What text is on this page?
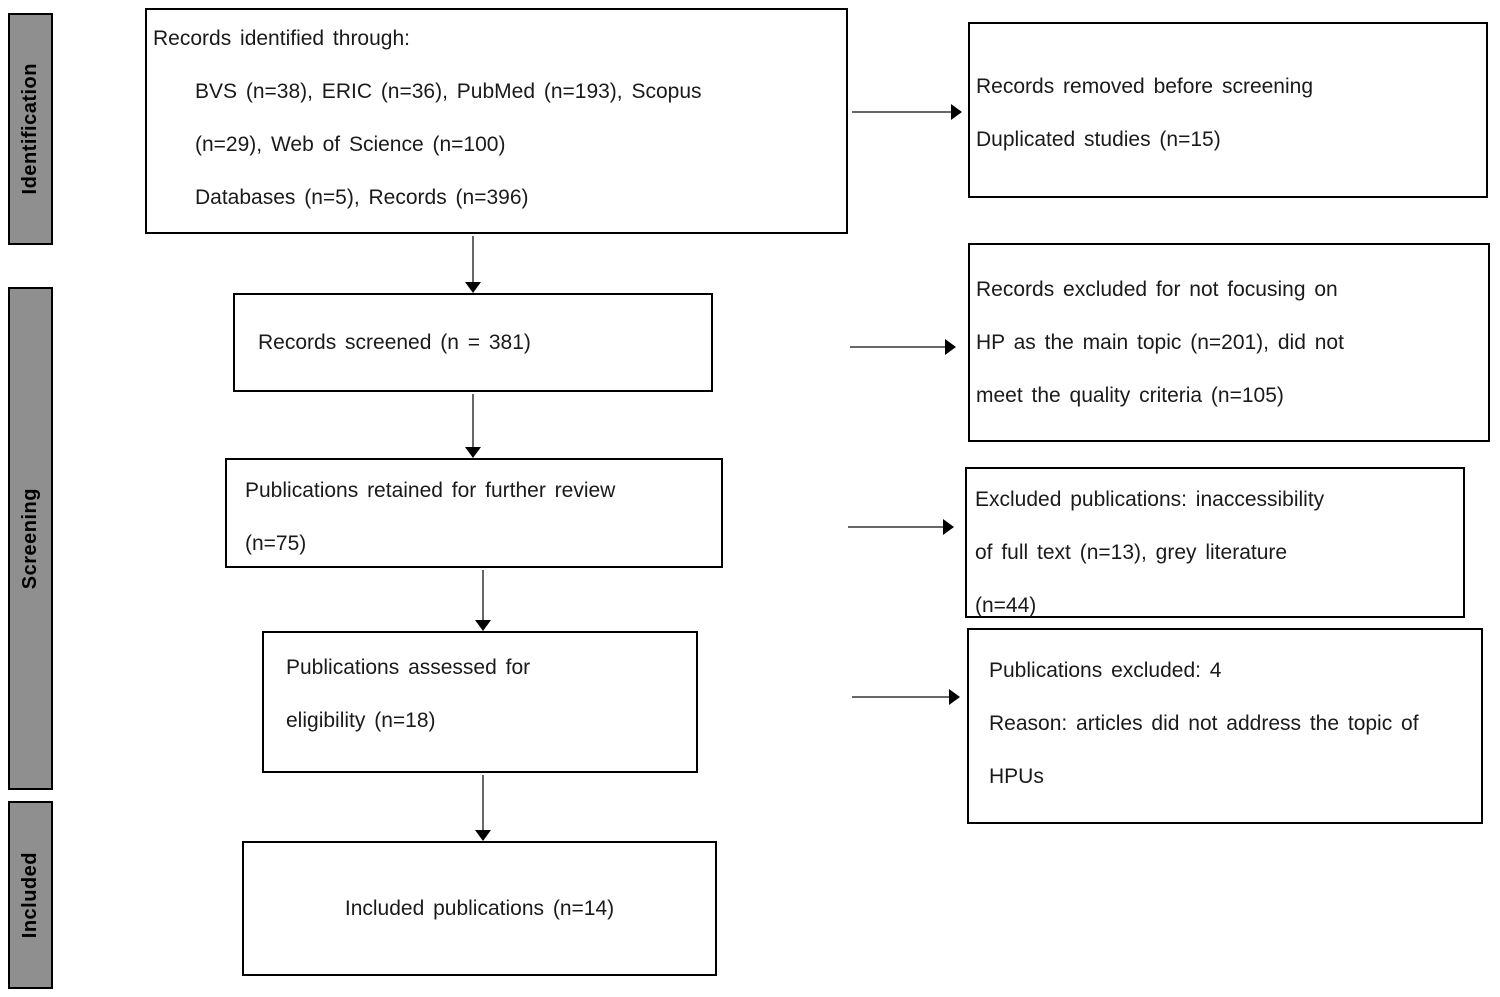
Identification
Screening
Included
Records identified through:
BVS (n=38), ERIC (n=36), PubMed (n=193), Scopus
(n=29), Web of Science (n=100)
Databases (n=5), Records (n=396)
Records screened (n = 381)
Publications retained for further review
(n=75)
Publications assessed for
eligibility (n=18)
Included publications (n=14)
Records removed before screening
Duplicated studies (n=15)
Records excluded for not focusing on
HP as the main topic (n=201), did not
meet the quality criteria (n=105)
Excluded publications: inaccessibility
of full text (n=13), grey literature
(n=44)
Publications excluded: 4
Reason: articles did not address the topic of
HPUs
